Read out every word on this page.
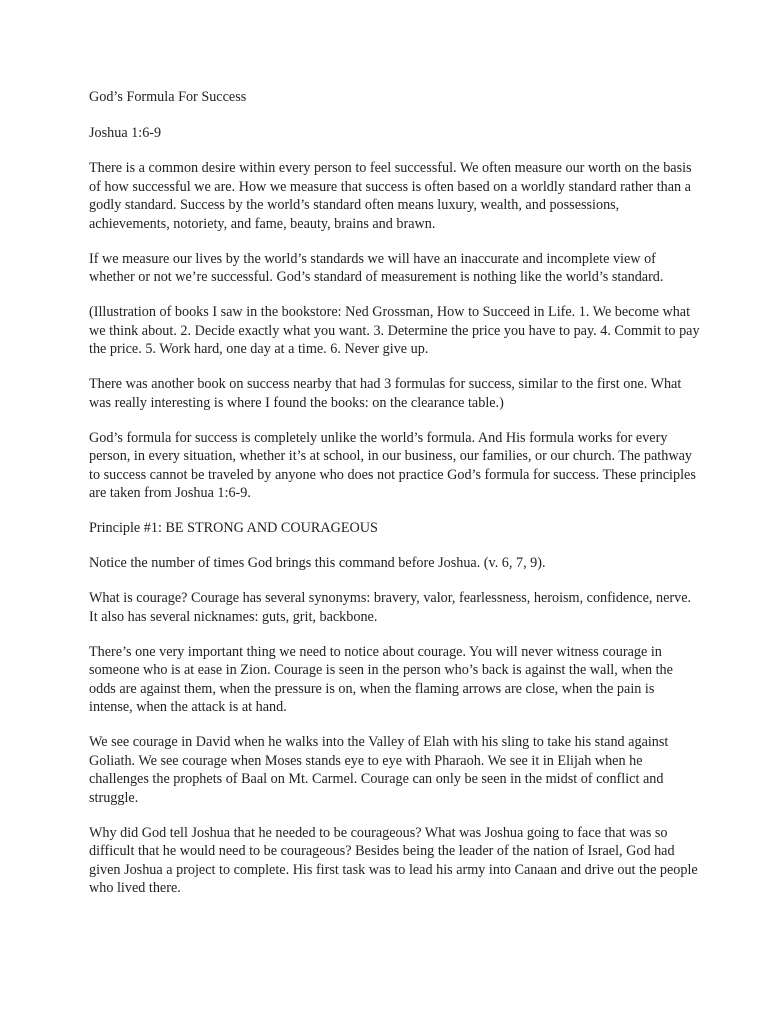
God’s Formula For Success

Joshua 1:6-9

There is a common desire within every person to feel successful. We often measure our worth on the basis of how successful we are. How we measure that success is often based on a worldly standard rather than a godly standard. Success by the world’s standard often means luxury, wealth, and possessions, achievements, notoriety, and fame, beauty, brains and brawn.

If we measure our lives by the world’s standards we will have an inaccurate and incomplete view of whether or not we’re successful. God’s standard of measurement is nothing like the world’s standard.

(Illustration of books I saw in the bookstore: Ned Grossman, How to Succeed in Life. 1. We become what we think about. 2. Decide exactly what you want. 3. Determine the price you have to pay. 4. Commit to pay the price. 5. Work hard, one day at a time. 6. Never give up.

There was another book on success nearby that had 3 formulas for success, similar to the first one. What was really interesting is where I found the books: on the clearance table.)

God’s formula for success is completely unlike the world’s formula. And His formula works for every person, in every situation, whether it’s at school, in our business, our families, or our church. The pathway to success cannot be traveled by anyone who does not practice God’s formula for success. These principles are taken from Joshua 1:6-9.

Principle #1: BE STRONG AND COURAGEOUS

Notice the number of times God brings this command before Joshua. (v. 6, 7, 9).

What is courage? Courage has several synonyms: bravery, valor, fearlessness, heroism, confidence, nerve. It also has several nicknames: guts, grit, backbone.

There’s one very important thing we need to notice about courage. You will never witness courage in someone who is at ease in Zion. Courage is seen in the person who’s back is against the wall, when the odds are against them, when the pressure is on, when the flaming arrows are close, when the pain is intense, when the attack is at hand.

We see courage in David when he walks into the Valley of Elah with his sling to take his stand against Goliath. We see courage when Moses stands eye to eye with Pharaoh. We see it in Elijah when he challenges the prophets of Baal on Mt. Carmel. Courage can only be seen in the midst of conflict and struggle.

Why did God tell Joshua that he needed to be courageous? What was Joshua going to face that was so difficult that he would need to be courageous? Besides being the leader of the nation of Israel, God had given Joshua a project to complete. His first task was to lead his army into Canaan and drive out the people who lived there.
